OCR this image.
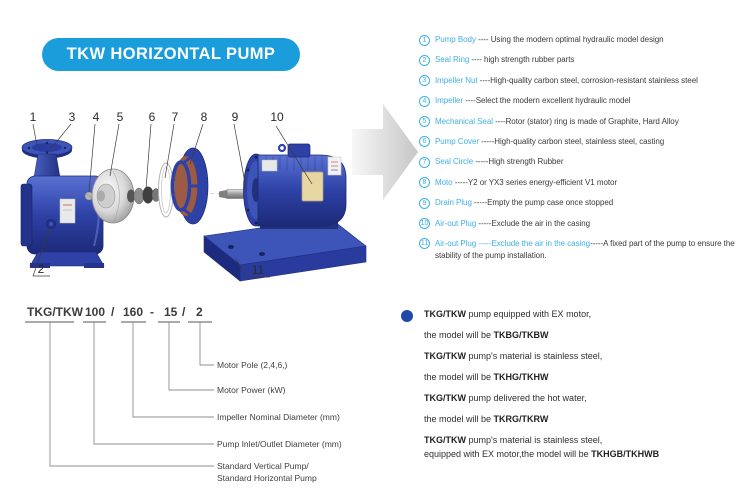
TKW HORIZONTAL PUMP
1
2
3 4 5 6 7 8 9	10
11
1	Pump Body ---- Using the modern optimal hydraulic model design
2	Seal Ring ---- high strength rubber parts
3	Impeller Nut ----High-quality carbon steel, corrosion-resistant stainless steel
4	Impeller ----Select the modern excellent hydraulic model
5	Mechanical Seal ----Rotor (stator) ring is made of Graphite, Hard Alloy
6	Pump Cover -----High-quality carbon steel, stainless steel, casting
7	Seal Circle -----High strength Rubber
8	Moto -----Y2 or YX3 series energy-efficient V1 motor
9	Drain Plug -----Empty the pump case once stopped
10 Air-out Plug -----Exclude the air in the casing
11 Air-out Plug -----Exclude the air in the casing-----A fixed part of the pump to ensure the stability of the pump installation.
TKG/TKW 100 / 160 - 15 / 2
Motor Pole (2,4,6,)
Motor Power (kW)
Impeller Nominal Diameter (mm)
Pump Inlet/Outlet Diameter (mm)
Standard Vertical Pump/
Standard Horizontal Pump
TKG/TKW pump equipped with EX motor,
the model will be TKBG/TKBW
TKG/TKW pump's material is stainless steel,
the model will be TKHG/TKHW
TKG/TKW pump delivered the hot water,
the model will be TKRG/TKRW
TKG/TKW pump's material is stainless steel,
equipped with EX motor,the model will be TKHGB/TKHWB
